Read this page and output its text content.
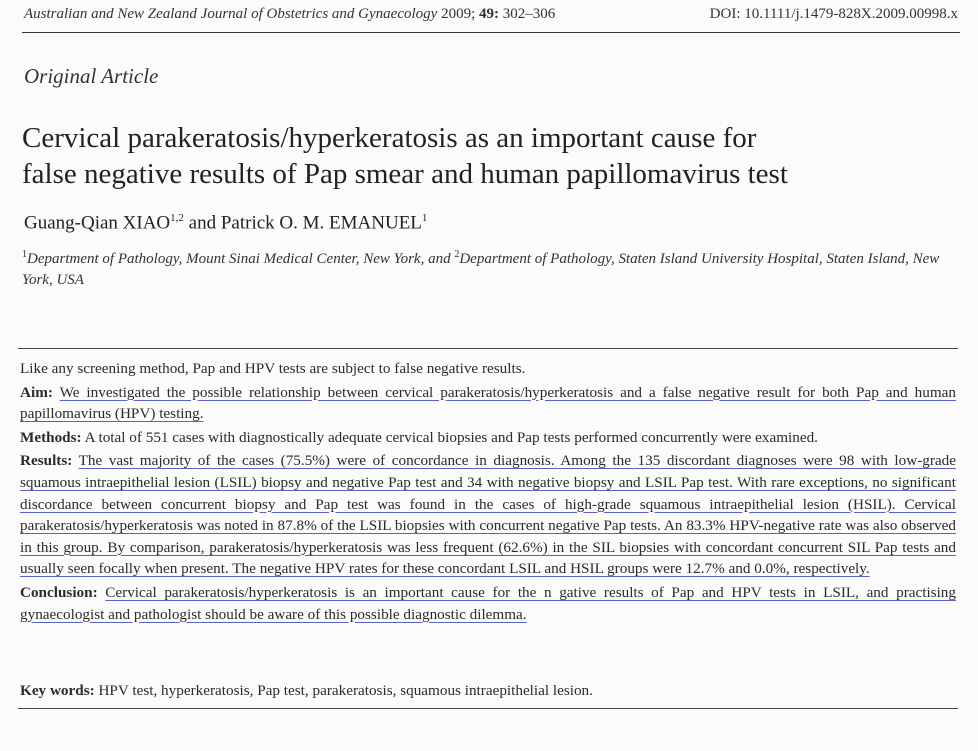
Australian and New Zealand Journal of Obstetrics and Gynaecology 2009; 49: 302–306	DOI: 10.1111/j.1479-828X.2009.00998.x
Original Article
Cervical parakeratosis/hyperkeratosis as an important cause for
false negative results of Pap smear and human papillomavirus test
Guang-Qian XIAO$^{1,2}$ and Patrick O. M. EMANUEL$^1$
$^1$Department of Pathology, Mount Sinai Medical Center, New York, and $^2$Department of Pathology, Staten Island University Hospital, Staten Island, New York, USA

Like any screening method, Pap and HPV tests are subject to false negative results.

Aim: We investigated the possible relationship between cervical parakeratosis/hyperkeratosis and a false negative result for both Pap and human papillomavirus (HPV) testing.

Methods: A total of 551 cases with diagnostically adequate cervical biopsies and Pap tests performed concurrently were examined.

Results: The vast majority of the cases (75.5%) were of concordance in diagnosis. Among the 135 discordant diagnoses were 98 with low-grade squamous intraepithelial lesion (LSIL) biopsy and negative Pap test and 34 with negative biopsy and LSIL Pap test. With rare exceptions, no significant discordance between concurrent biopsy and Pap test was found in the cases of high-grade squamous intraepithelial lesion (HSIL). Cervical parakeratosis/hyperkeratosis was noted in 87.8% of the LSIL biopsies with concurrent negative Pap tests. An 83.3% HPV-negative rate was also observed in this group. By comparison, parakeratosis/hyperkeratosis was less frequent (62.6%) in the SIL biopsies with concordant concurrent SIL Pap tests and usually seen focally when present. The negative HPV rates for these concordant LSIL and HSIL groups were 12.7% and 0.0%, respectively.

Conclusion: Cervical parakeratosis/hyperkeratosis is an important cause for the n gative results of Pap and HPV tests in LSIL, and practising gynaecologist and pathologist should be aware of this possible diagnostic dilemma.

Key words: HPV test, hyperkeratosis, Pap test, parakeratosis, squamous intraepithelial lesion.
